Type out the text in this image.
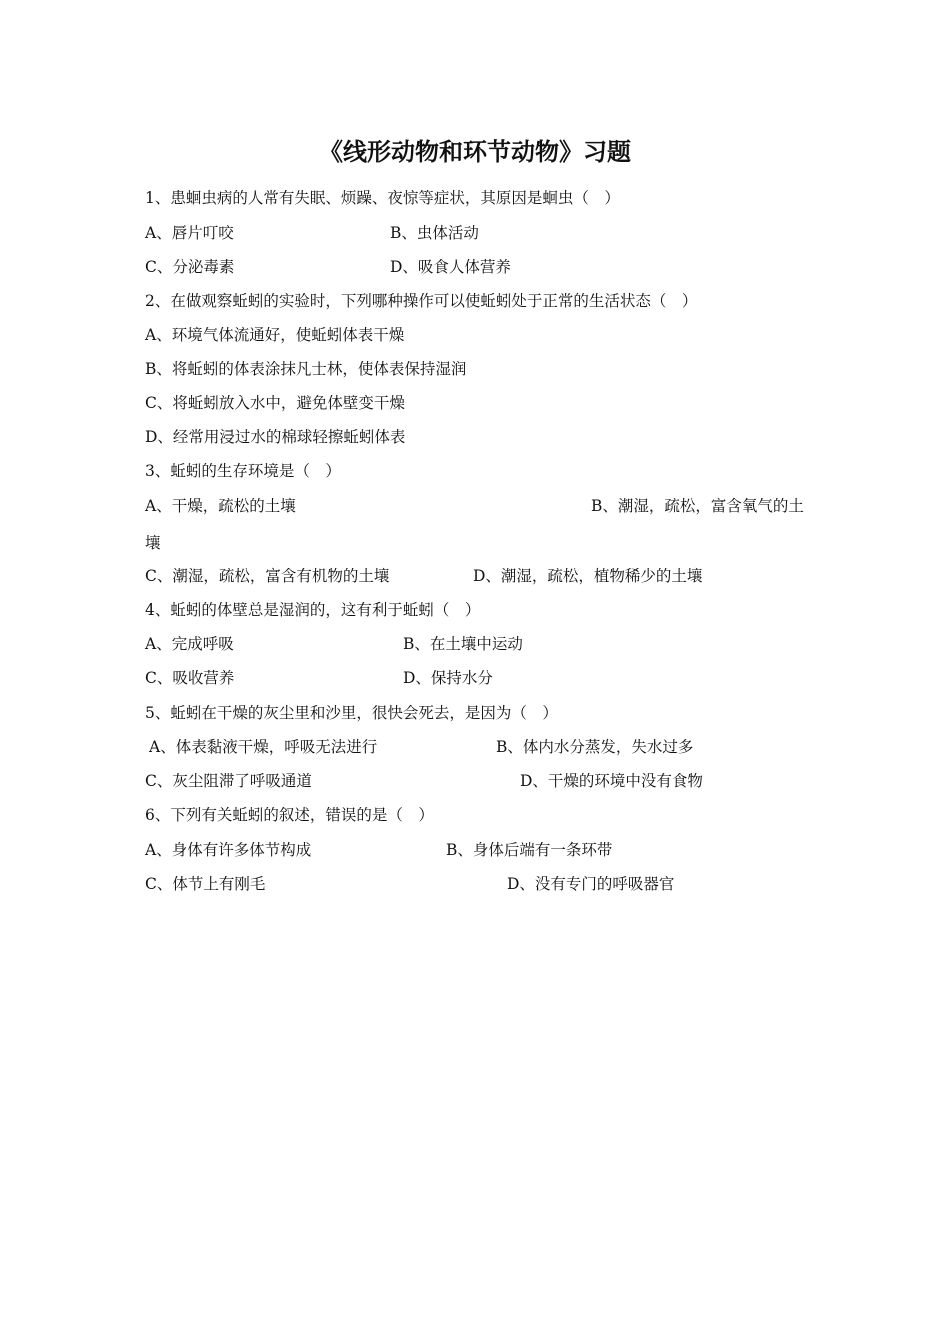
《线形动物和环节动物》习题
1、患蛔虫病的人常有失眠、烦躁、夜惊等症状，其原因是蛔虫（　）
A、唇片叮咬	B、虫体活动
C、分泌毒素	D、吸食人体营养
2、在做观察蚯蚓的实验时，下列哪种操作可以使蚯蚓处于正常的生活状态（　）
A、环境气体流通好，使蚯蚓体表干燥
B、将蚯蚓的体表涂抹凡士林，使体表保持湿润
C、将蚯蚓放入水中，避免体壁变干燥
D、经常用浸过水的棉球轻擦蚯蚓体表
3、蚯蚓的生存环境是（　）
A、干燥，疏松的土壤	B、潮湿，疏松，富含氧气的土
壤
C、潮湿，疏松，富含有机物的土壤	D、潮湿，疏松，植物稀少的土壤
4、蚯蚓的体壁总是湿润的，这有利于蚯蚓（　）
A、完成呼吸	B、在土壤中运动
C、吸收营养	D、保持水分
5、蚯蚓在干燥的灰尘里和沙里，很快会死去，是因为（　）
A、体表黏液干燥，呼吸无法进行	B、体内水分蒸发，失水过多
C、灰尘阻滞了呼吸通道	D、干燥的环境中没有食物
6、下列有关蚯蚓的叙述，错误的是（　）
A、身体有许多体节构成	B、身体后端有一条环带
C、体节上有刚毛	D、没有专门的呼吸器官
